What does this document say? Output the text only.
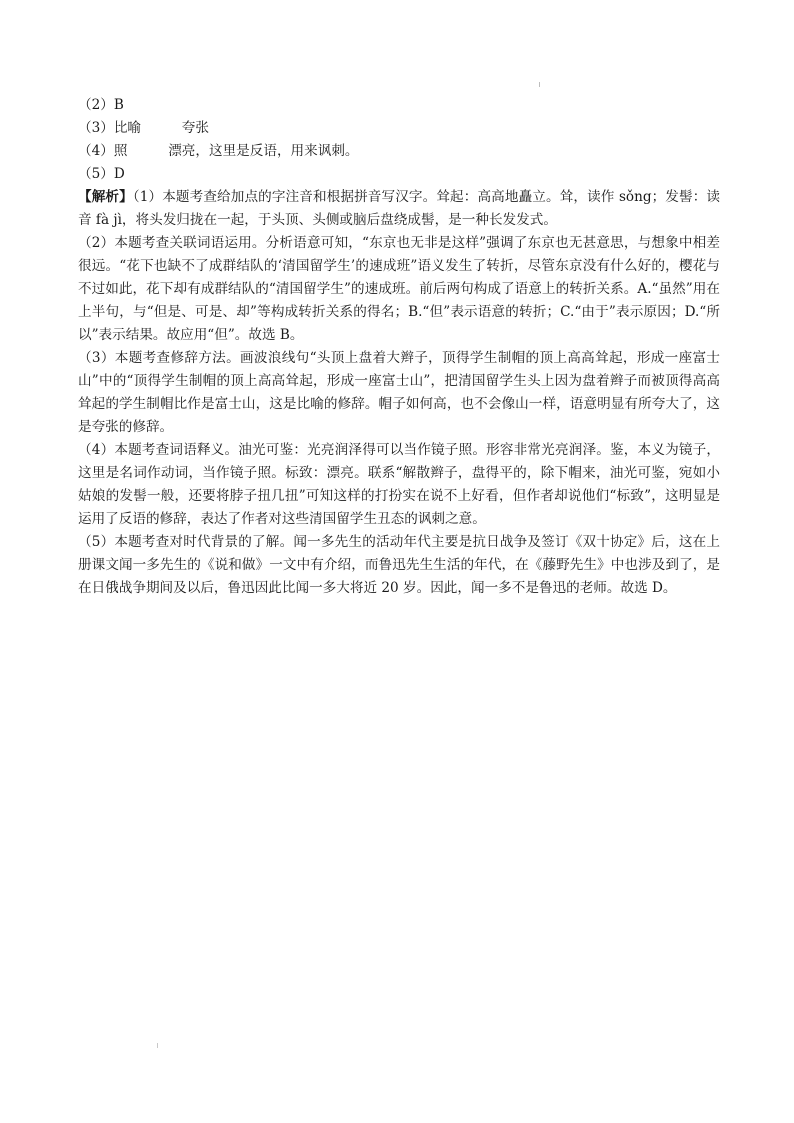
（2）B

（3）比喻　　　夸张

（4）照　　　漂亮，这里是反语，用来讽刺。

（5）D

【解析】（1）本题考查给加点的字注音和根据拼音写汉字。耸起：高高地矗立。耸，读作 sǒng；发髻：读音 fà jì，将头发归拢在一起，于头顶、头侧或脑后盘绕成髻，是一种长发发式。

（2）本题考查关联词语运用。分析语意可知，“东京也无非是这样”强调了东京也无甚意思，与想象中相差很远。“花下也缺不了成群结队的‘清国留学生’的速成班”语义发生了转折，尽管东京没有什么好的，樱花与不过如此，花下却有成群结队的“清国留学生”的速成班。前后两句构成了语意上的转折关系。A.“虽然”用在上半句，与“但是、可是、却”等构成转折关系的得名；B.“但”表示语意的转折；C.“由于”表示原因；D.“所以”表示结果。故应用“但”。故选 B。

（3）本题考查修辞方法。画波浪线句“头顶上盘着大辫子，顶得学生制帽的顶上高高耸起，形成一座富士山”中的“顶得学生制帽的顶上高高耸起，形成一座富士山”，把清国留学生头上因为盘着辫子而被顶得高高耸起的学生制帽比作是富士山，这是比喻的修辞。帽子如何高，也不会像山一样，语意明显有所夸大了，这是夸张的修辞。

（4）本题考查词语释义。油光可鉴：光亮润泽得可以当作镜子照。形容非常光亮润泽。鉴，本义为镜子，这里是名词作动词，当作镜子照。标致：漂亮。联系“解散辫子，盘得平的，除下帽来，油光可鉴，宛如小姑娘的发髻一般，还要将脖子扭几扭”可知这样的打扮实在说不上好看，但作者却说他们“标致”，这明显是运用了反语的修辞，表达了作者对这些清国留学生丑态的讽刺之意。

（5）本题考查对时代背景的了解。闻一多先生的活动年代主要是抗日战争及签订《双十协定》后，这在上册课文闻一多先生的《说和做》一文中有介绍，而鲁迅先生生活的年代，在《藤野先生》中也涉及到了，是在日俄战争期间及以后，鲁迅因此比闻一多大将近 20 岁。因此，闻一多不是鲁迅的老师。故选 D。
